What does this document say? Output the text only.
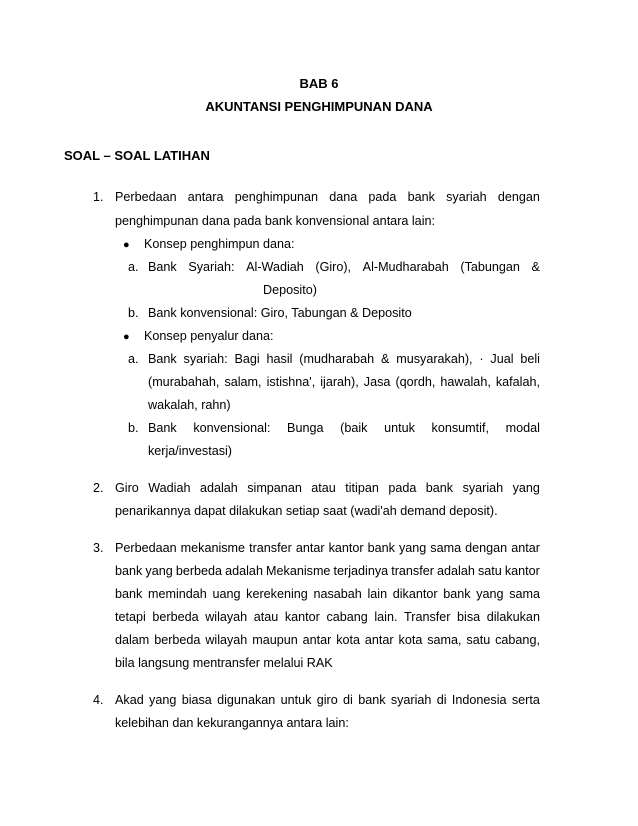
BAB 6
AKUNTANSI PENGHIMPUNAN DANA
SOAL – SOAL LATIHAN
1. Perbedaan antara penghimpunan dana pada bank syariah dengan
penghimpunan dana pada bank konvensional antara lain:
● Konsep penghimpun dana:
a. Bank Syariah: Al-Wadiah (Giro), Al-Mudharabah (Tabungan &
Deposito)
b. Bank konvensional: Giro, Tabungan & Deposito
● Konsep penyalur dana:
a. Bank syariah: Bagi hasil (mudharabah & musyarakah), · Jual beli
(murabahah, salam, istishna', ijarah), Jasa (qordh, hawalah, kafalah,
wakalah, rahn)
b. Bank konvensional: Bunga (baik untuk konsumtif, modal
kerja/investasi)
2. Giro Wadiah adalah simpanan atau titipan pada bank syariah yang
penarikannya dapat dilakukan setiap saat (wadi'ah demand deposit).
3. Perbedaan mekanisme transfer antar kantor bank yang sama dengan antar
bank yang berbeda adalah Mekanisme terjadinya transfer adalah satu kantor
bank memindah uang kerekening nasabah lain dikantor bank yang sama
tetapi berbeda wilayah atau kantor cabang lain. Transfer bisa dilakukan
dalam berbeda wilayah maupun antar kota antar kota sama, satu cabang,
bila langsung mentransfer melalui RAK
4. Akad yang biasa digunakan untuk giro di bank syariah di Indonesia serta
kelebihan dan kekurangannya antara lain:
